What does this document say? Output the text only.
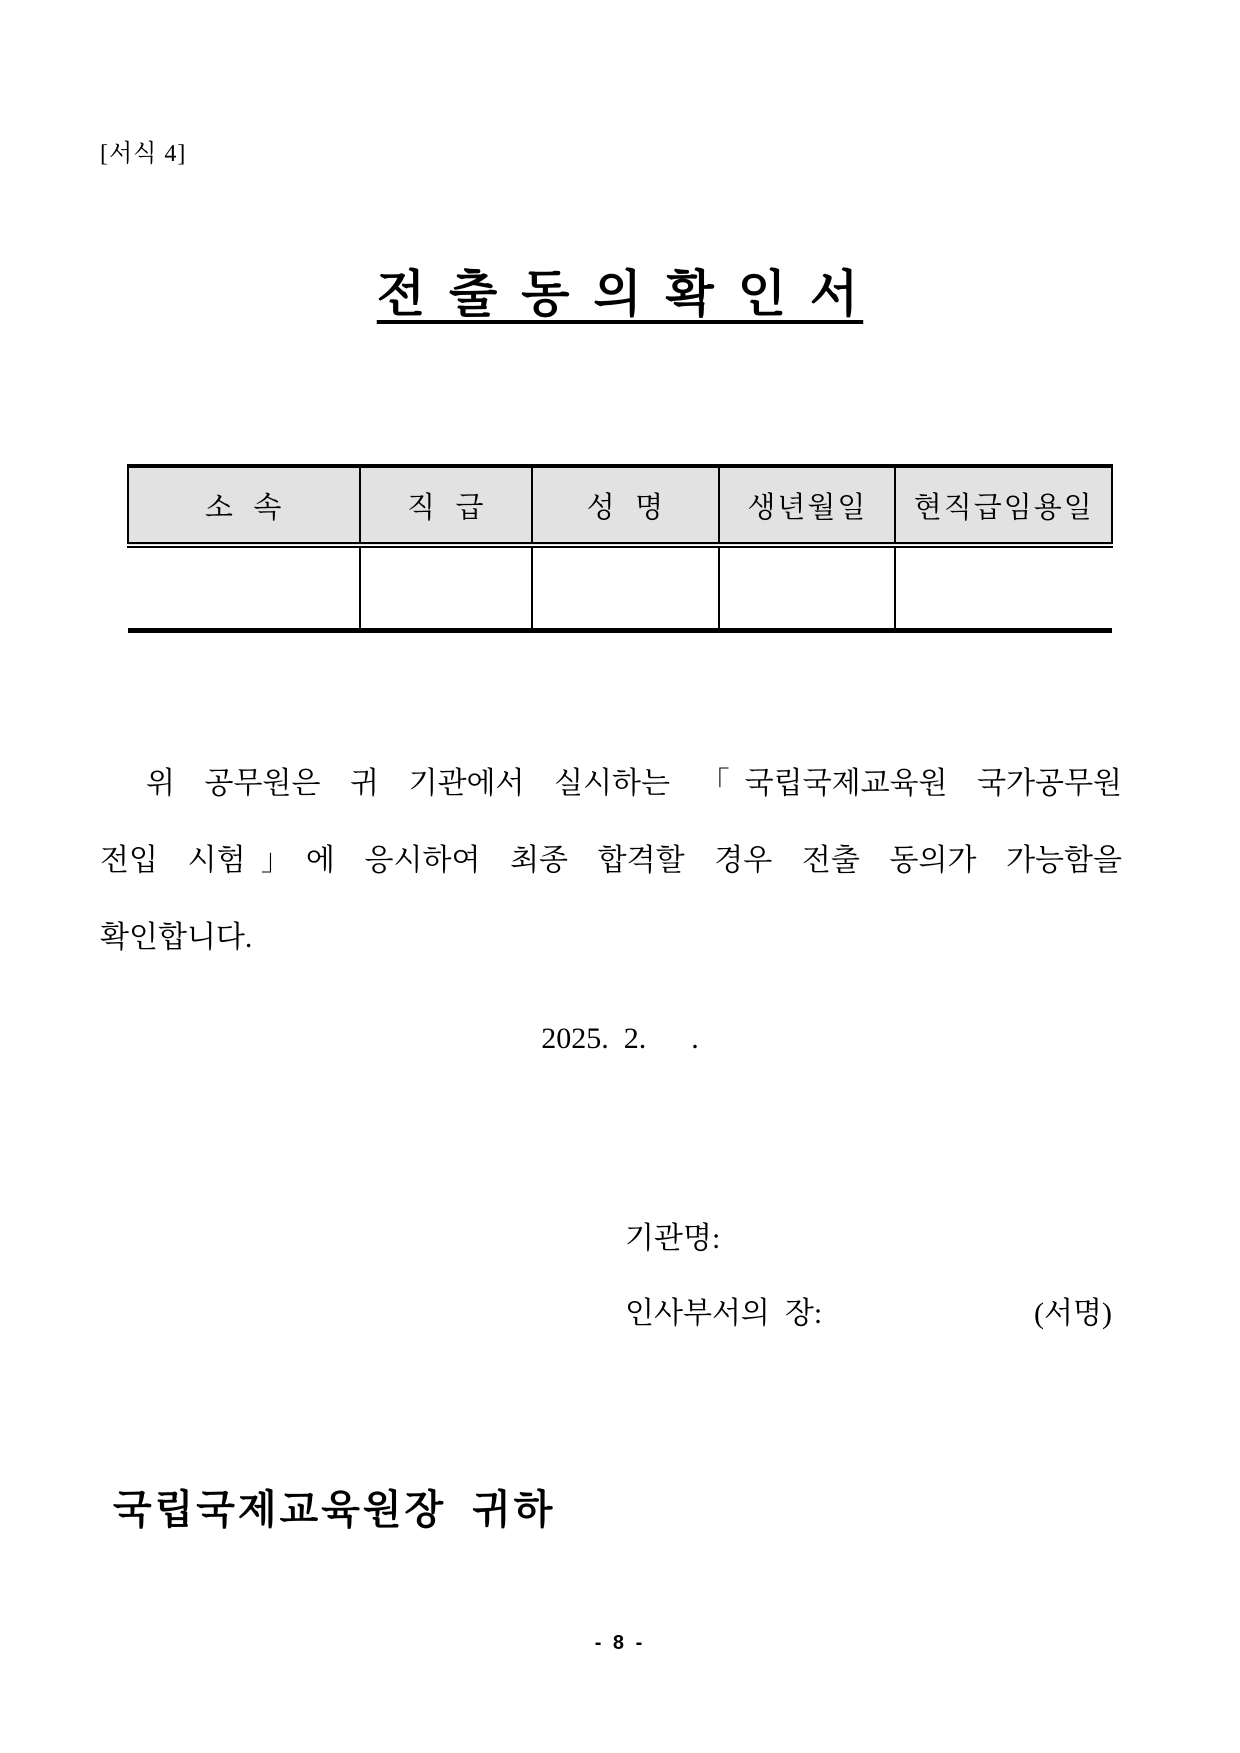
[서식 4]
전 출 동 의 확 인 서
소  속	직  급	성  명	생년월일	현직급임용일

위 공무원은 귀 기관에서 실시하는 「국립국제교육원 국가공무원
전입 시험」에 응시하여 최종 합격할 경우 전출 동의가 가능함을
확인합니다.
2025.  2.      .
기관명:
인사부서의  장:	(서명)
국립국제교육원장  귀하
- 8 -
